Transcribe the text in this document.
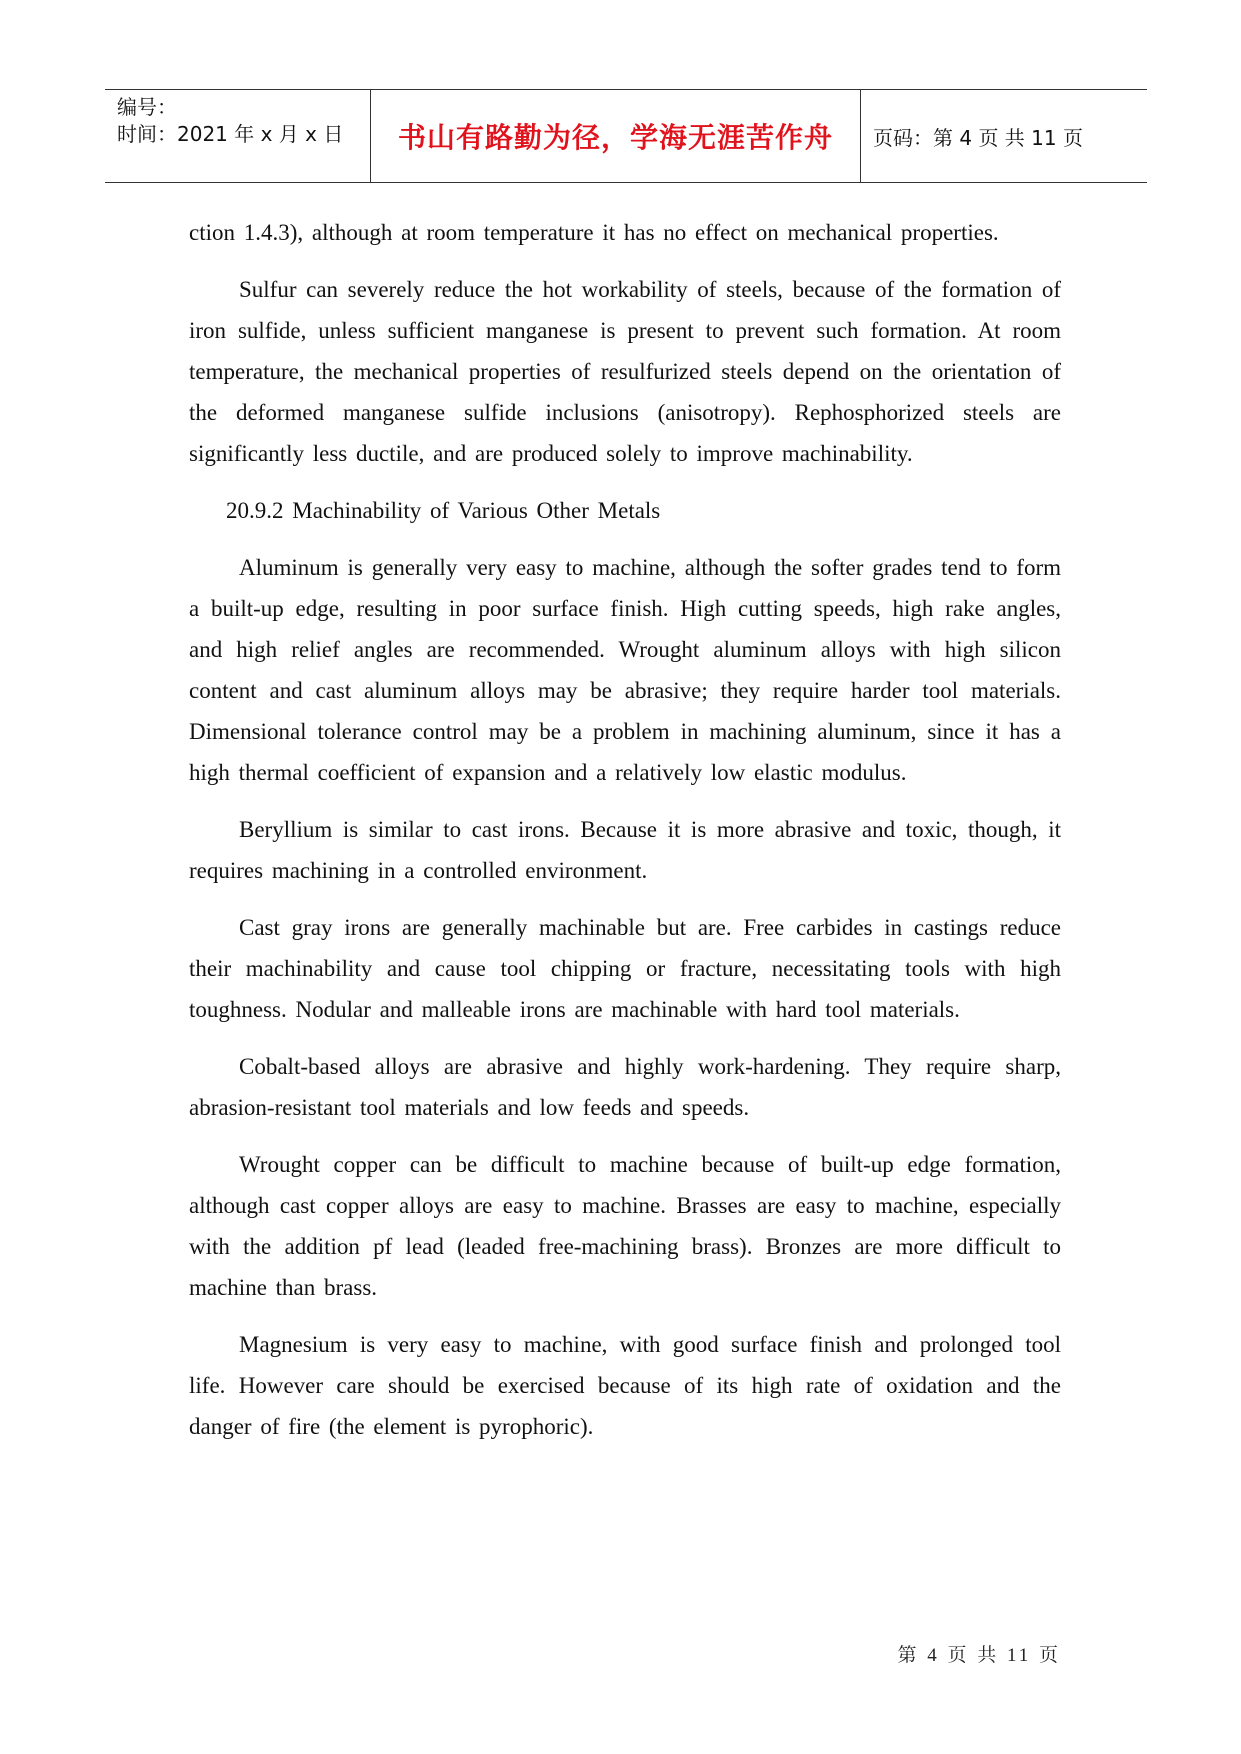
编号：
时间：2021 年 x 月 x 日 书山有路勤为径，学海无涯苦作舟	页码：第 4 页 共 11 页

ction 1.4.3), although at room temperature it has no effect on mechanical properties.

Sulfur can severely reduce the hot workability of steels, because of the formation of iron sulfide, unless sufficient manganese is present to prevent such formation. At room temperature, the mechanical properties of resulfurized steels depend on the orientation of the deformed manganese sulfide inclusions (anisotropy). Rephosphorized steels are significantly less ductile, and are produced solely to improve machinability.

20.9.2 Machinability of Various Other Metals

Aluminum is generally very easy to machine, although the softer grades tend to form a built-up edge, resulting in poor surface finish. High cutting speeds, high rake angles, and high relief angles are recommended. Wrought aluminum alloys with high silicon content and cast aluminum alloys may be abrasive; they require harder tool materials. Dimensional tolerance control may be a problem in machining aluminum, since it has a high thermal coefficient of expansion and a relatively low elastic modulus.

Beryllium is similar to cast irons. Because it is more abrasive and toxic, though, it requires machining in a controlled environment.

Cast gray irons are generally machinable but are. Free carbides in castings reduce their machinability and cause tool chipping or fracture, necessitating tools with high toughness. Nodular and malleable irons are machinable with hard tool materials.

Cobalt-based alloys are abrasive and highly work-hardening. They require sharp, abrasion-resistant tool materials and low feeds and speeds.

Wrought copper can be difficult to machine because of built-up edge formation, although cast copper alloys are easy to machine. Brasses are easy to machine, especially with the addition pf lead (leaded free-machining brass). Bronzes are more difficult to machine than brass.

Magnesium is very easy to machine, with good surface finish and prolonged tool life. However care should be exercised because of its high rate of oxidation and the danger of fire (the element is pyrophoric).

第 4 页 共 11 页
